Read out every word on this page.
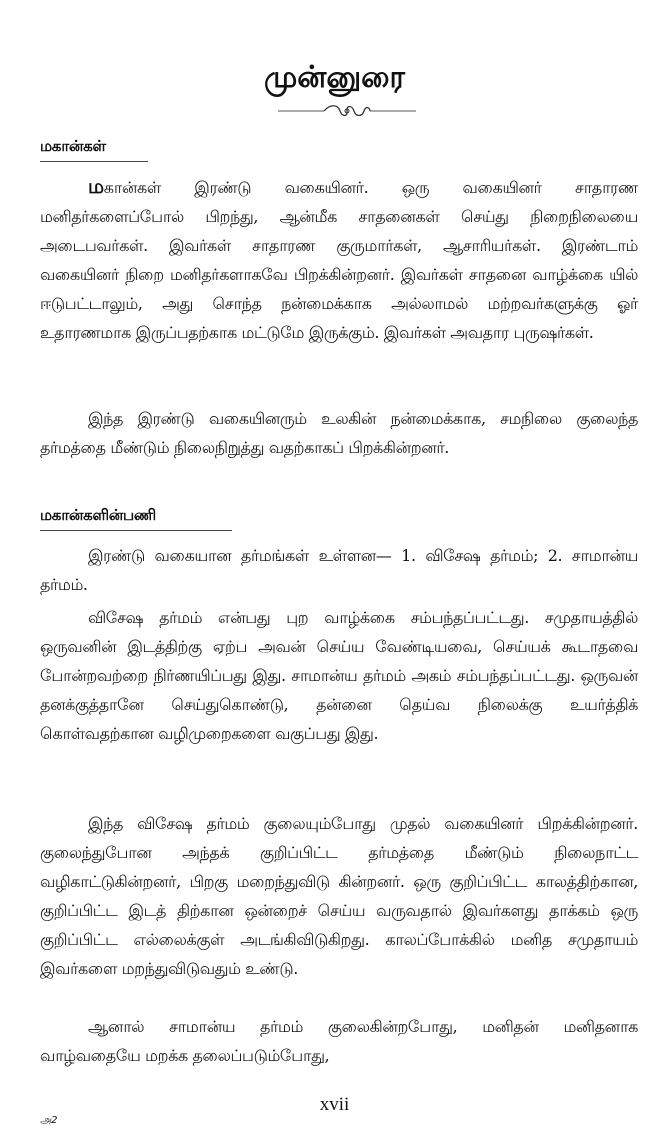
முன்னுரை
மகான்கள்

மகான்கள் இரண்டு வகையினர். ஒரு வகையினர் சாதாரண மனிதர்களைப்போல் பிறந்து, ஆன்மீக சாதனைகள் செய்து நிறைநிலையை அடைபவர்கள். இவர்கள் சாதாரண குருமார்கள், ஆசாரியர்கள். இரண்டாம் வகையினர் நிறை மனிதர்களாகவே பிறக்கின்றனர். இவர்கள் சாதனை வாழ்க்கை யில் ஈடுபட்டாலும், அது சொந்த நன்மைக்காக அல்லாமல் மற்றவர்களுக்கு ஓர் உதாரணமாக இருப்பதற்காக மட்டுமே இருக்கும். இவர்கள் அவதார புருஷர்கள்.

இந்த இரண்டு வகையினரும் உலகின் நன்மைக்காக, சமநிலை குலைந்த தர்மத்தை மீண்டும் நிலைநிறுத்து வதற்காகப் பிறக்கின்றனர்.

மகான்களின்பணி

இரண்டு வகையான தர்மங்கள் உள்ளன— 1. விசேஷ தர்மம்; 2. சாமான்ய தர்மம்.

விசேஷ தர்மம் என்பது புற வாழ்க்கை சம்பந்தப்பட்டது. சமுதாயத்தில் ஒருவனின் இடத்திற்கு ஏற்ப அவன் செய்ய வேண்டியவை, செய்யக் கூடாதவை போன்றவற்றை நிர்ணயிப்பது இது. சாமான்ய தர்மம் அகம் சம்பந்தப்பட்டது. ஒருவன் தனக்குத்தானே செய்துகொண்டு, தன்னை தெய்வ நிலைக்கு உயர்த்திக் கொள்வதற்கான வழிமுறைகளை வகுப்பது இது.

இந்த விசேஷ தர்மம் குலையும்போது முதல் வகையினர் பிறக்கின்றனர். குலைந்துபோன அந்தக் குறிப்பிட்ட தர்மத்தை மீண்டும் நிலைநாட்ட வழிகாட்டுகின்றனர், பிறகு மறைந்துவிடு கின்றனர். ஒரு குறிப்பிட்ட காலத்திற்கான, குறிப்பிட்ட இடத் திற்கான ஒன்றைச் செய்ய வருவதால் இவர்களது தாக்கம் ஒரு குறிப்பிட்ட எல்லைக்குள் அடங்கிவிடுகிறது. காலப்போக்கில் மனித சமுதாயம் இவர்களை மறந்துவிடுவதும் உண்டு.

ஆனால் சாமான்ய தர்மம் குலைகின்றபோது, மனிதன் மனிதனாக வாழ்வதையே மறக்க தலைப்படும்போது,

xvii
அ2
